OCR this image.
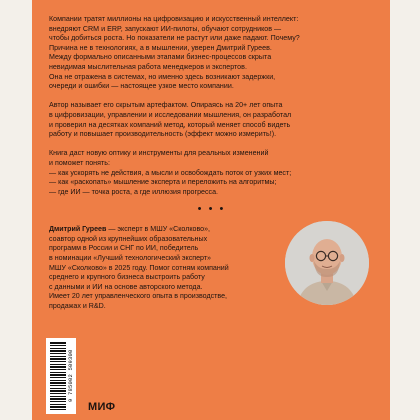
Компании тратят миллионы на цифровизацию и искусственный интеллект:
внедряют CRM и ERP, запускают ИИ-пилоты, обучают сотрудников —
чтобы добиться роста. Но показатели не растут или даже падают. Почему?
Причина не в технологиях, а в мышлении, уверен Дмитрий Гуреев.
Между формально описанными этапами бизнес-процессов скрыта
невидимая мыслительная работа менеджеров и экспертов.
Она не отражена в системах, но именно здесь возникают задержки,
очереди и ошибки — настоящее узкое место компании.

Автор называет его скрытым артефактом. Опираясь на 20+ лет опыта
в цифровизации, управлении и исследовании мышления, он разработал
и проверил на десятках компаний метод, который меняет способ видеть
работу и повышает производительность (эффект можно измерить!).

Книга даст новую оптику и инструменты для реальных изменений
и поможет понять:

— как ускорять не действия, а мысли и освобождать поток от узких мест;
— как «раскопать» мышление эксперта и переложить на алгоритмы;
— где ИИ — точка роста, а где иллюзия прогресса.
• • •
Дмитрий Гуреев — эксперт в МШУ «Сколково»,
соавтор одной из крупнейших образовательных
программ в России и СНГ по ИИ, победитель
в номинации «Лучший технологический эксперт»
МШУ «Сколково» в 2025 году. Помог сотням компаний
среднего и крупного бизнеса выстроить работу
с данными и ИИ на основе авторского метода.
Имеет 20 лет управленческого опыта в производстве,
продажах и R&D.
9 785002 509300
МИФ
